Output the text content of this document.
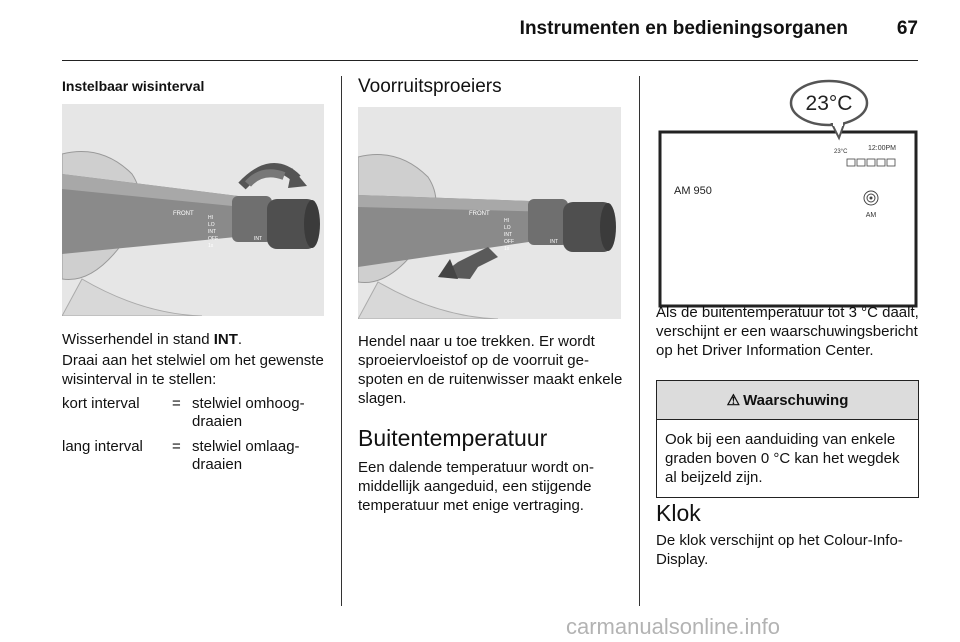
Instrumenten en bedieningsorganen	67
Instelbaar wisinterval
FRONT
HI
LO
INT
OFF
1x
INT
Wisserhendel in stand INT.
Draai aan het stelwiel om het gewenste wisinterval in te stellen:
kort interval	= stelwiel omhoogdraaien
lang interval	= stelwiel omlaagdraaien
Voorruitsproeiers
FRONT
HI
LO
INT
OFF
1x
INT
Hendel naar u toe trekken. Er wordt sproeiervloeistof op de voorruit gespoten en de ruitenwisser maakt enkele slagen.
Buitentemperatuur
Een dalende temperatuur wordt onmiddellijk aangeduid, een stijgende temperatuur met enige vertraging.
23°C
23°C	12:00PM
AM 950
AM
Als de buitentemperatuur tot 3 °C daalt, verschijnt er een waarschuwingsbericht op het Driver Information Center.
⚠ Waarschuwing
Ook bij een aanduiding van enkele graden boven 0 °C kan het wegdek al beijzeld zijn.
Klok
De klok verschijnt op het Colour-Info-Display.
carmanualsonline.info
